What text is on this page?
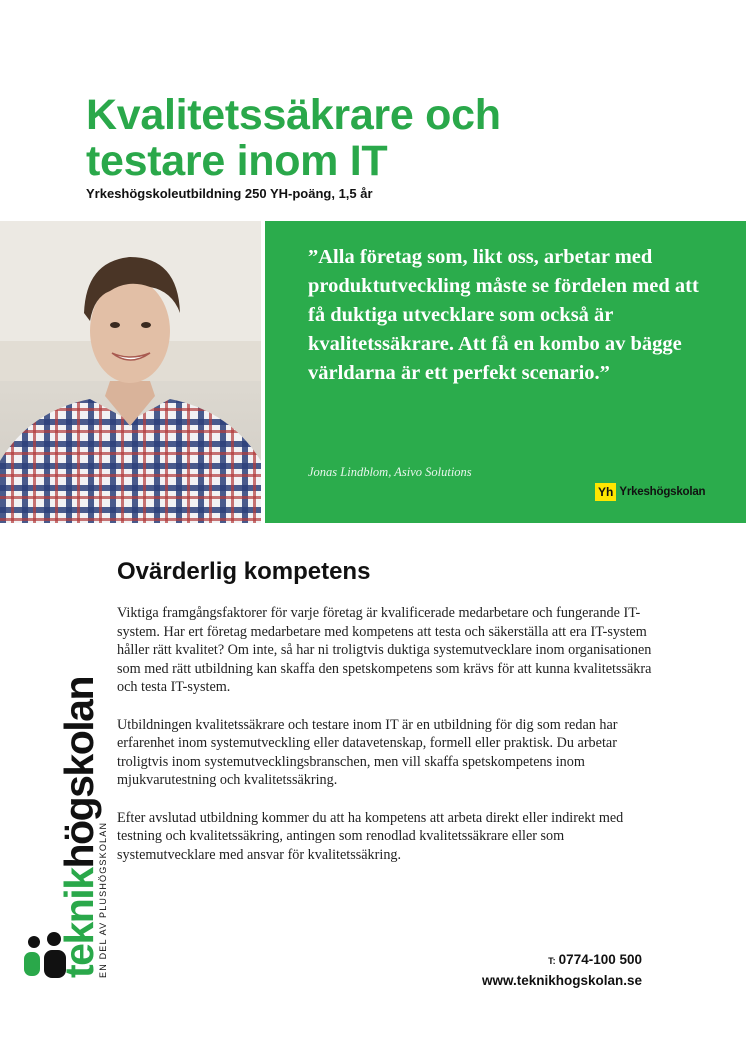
Kvalitetssäkrare och
testare inom IT

Yrkeshögskoleutbildning 250 YH-poäng, 1,5 år

”Alla företag som, likt oss, arbetar med produktutveckling måste se fördelen med att få duktiga utvecklare som också är kvalitetssäkrare. Att få en kombo av bägge världarna är ett perfekt scenario.”

Jonas Lindblom, Asivo Solutions

Yh Yrkeshögskolan
Ovärderlig kompetens

Viktiga framgångsfaktorer för varje företag är kvalificerade medarbetare och fungerande IT-system. Har ert företag medarbetare med kompetens att testa och säkerställa att era IT-system håller rätt kvalitet? Om inte, så har ni troligtvis duktiga systemutvecklare inom organisationen som med rätt utbildning kan skaffa den spetskompetens som krävs för att kunna kvalitetssäkra och testa IT-system.

Utbildningen kvalitetssäkrare och testare inom IT är en utbildning för dig som redan har erfarenhet inom systemutveckling eller datavetenskap, formell eller praktisk. Du arbetar troligtvis inom systemutvecklingsbranschen, men vill skaffa spetskompetens inom mjukvarutestning och kvalitetssäkring.

Efter avslutad utbildning kommer du att ha kompetens att arbeta direkt eller indirekt med testning och kvalitetssäkring, antingen som renodlad kvalitetssäkrare eller som systemutvecklare med ansvar för kvalitetssäkring.

teknikhögskolan
EN DEL AV PLUSHÖGSKOLAN	T: 0774-100 500
www.teknikhogskolan.se
